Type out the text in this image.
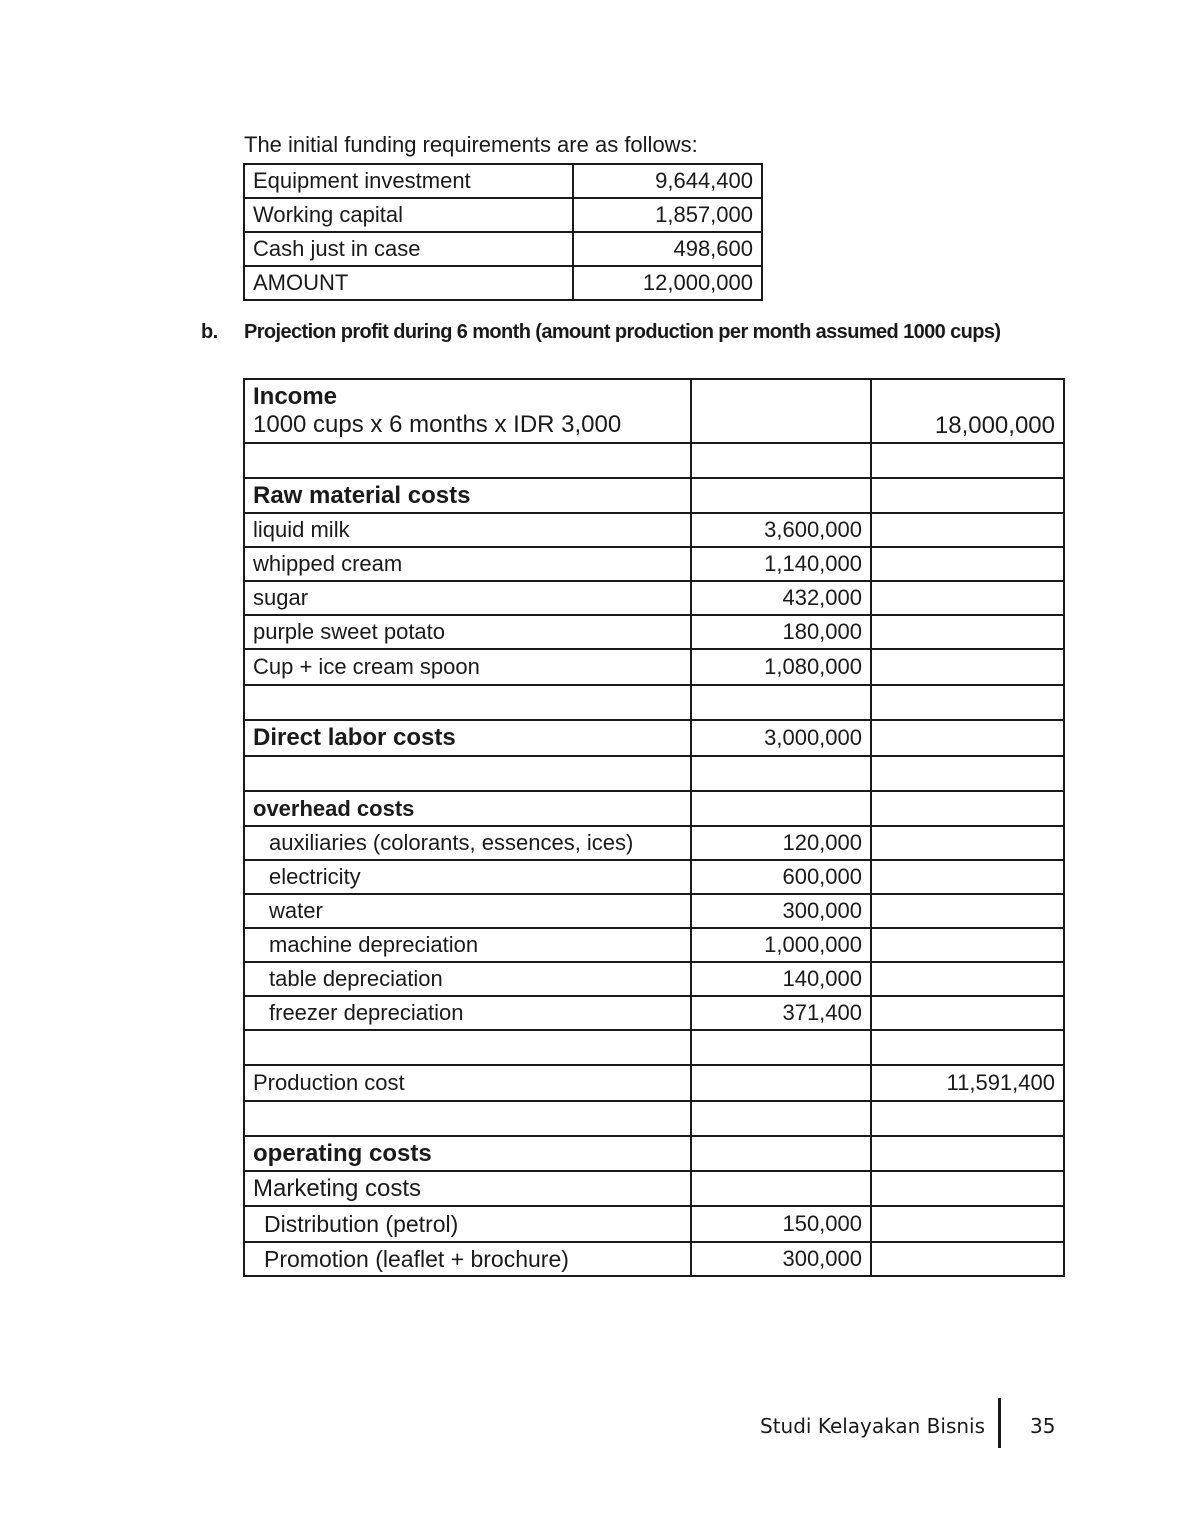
The initial funding requirements are as follows:

Equipment investment	9,644,400
Working capital	1,857,000
Cash just in case	498,600
AMOUNT	12,000,000
b. Projection profit during 6 month (amount production per month assumed 1000 cups)
Income
1000 cups x 6 months x IDR 3,000		18,000,000

Raw material costs		
liquid milk	3,600,000	
whipped cream	1,140,000	
sugar	432,000	
purple sweet potato	180,000	
Cup + ice cream spoon	1,080,000	

Direct labor costs	3,000,000	

overhead costs		
auxiliaries (colorants, essences, ices)	120,000	
electricity	600,000	
water	300,000	
machine depreciation	1,000,000	
table depreciation	140,000	
freezer depreciation	371,400	

Production cost		11,591,400

operating costs		
Marketing costs		
Distribution (petrol)	150,000	
Promotion (leaflet + brochure)	300,000	
Studi Kelayakan Bisnis 35
